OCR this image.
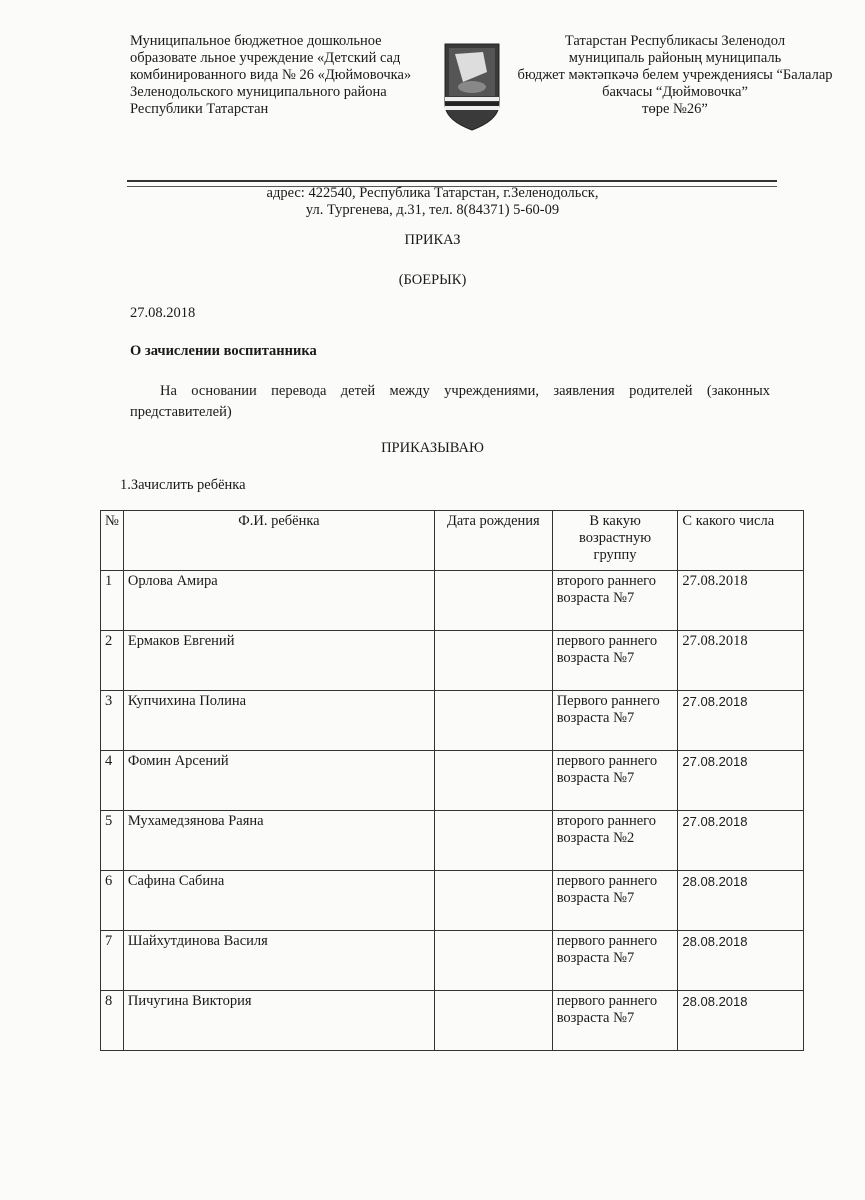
Муниципальное бюджетное дошкольное
образовате льное учреждение «Детский сад
комбинированного вида № 26 «Дюймовочка»
Зеленодольского муниципального района
Республики Татарстан
Татарстан Республикасы Зеленодол
муниципаль районың муниципаль
бюджет мәктәпкәчә белем учреждениясы “Балалар
бакчасы “Дюймовочка”
төре №26”
адрес: 422540, Республика Татарстан, г.Зеленодольск,
ул. Тургенева, д.31, тел. 8(84371) 5-60-09
ПРИКАЗ
(БОЕРЫК)
27.08.2018
О зачислении воспитанника
На основании перевода детей между учреждениями, заявления родителей (законных представителей)
ПРИКАЗЫВАЮ
1.Зачислить ребёнка
№	Ф.И. ребёнка	Дата рождения	В какую возрастную группу	С какого числа
1	Орлова Амира		второго раннего возраста №7	27.08.2018
2	Ермаков Евгений		первого раннего возраста №7	27.08.2018
3	Купчихина Полина		Первого раннего возраста №7	27.08.2018
4	Фомин Арсений		первого раннего возраста №7	27.08.2018
5	Мухамедзянова Раяна		второго раннего возраста №2	27.08.2018
6	Сафина Сабина		первого раннего возраста №7	28.08.2018
7	Шайхутдинова Василя		первого раннего возраста №7	28.08.2018
8	Пичугина Виктория		первого раннего возраста №7	28.08.2018
